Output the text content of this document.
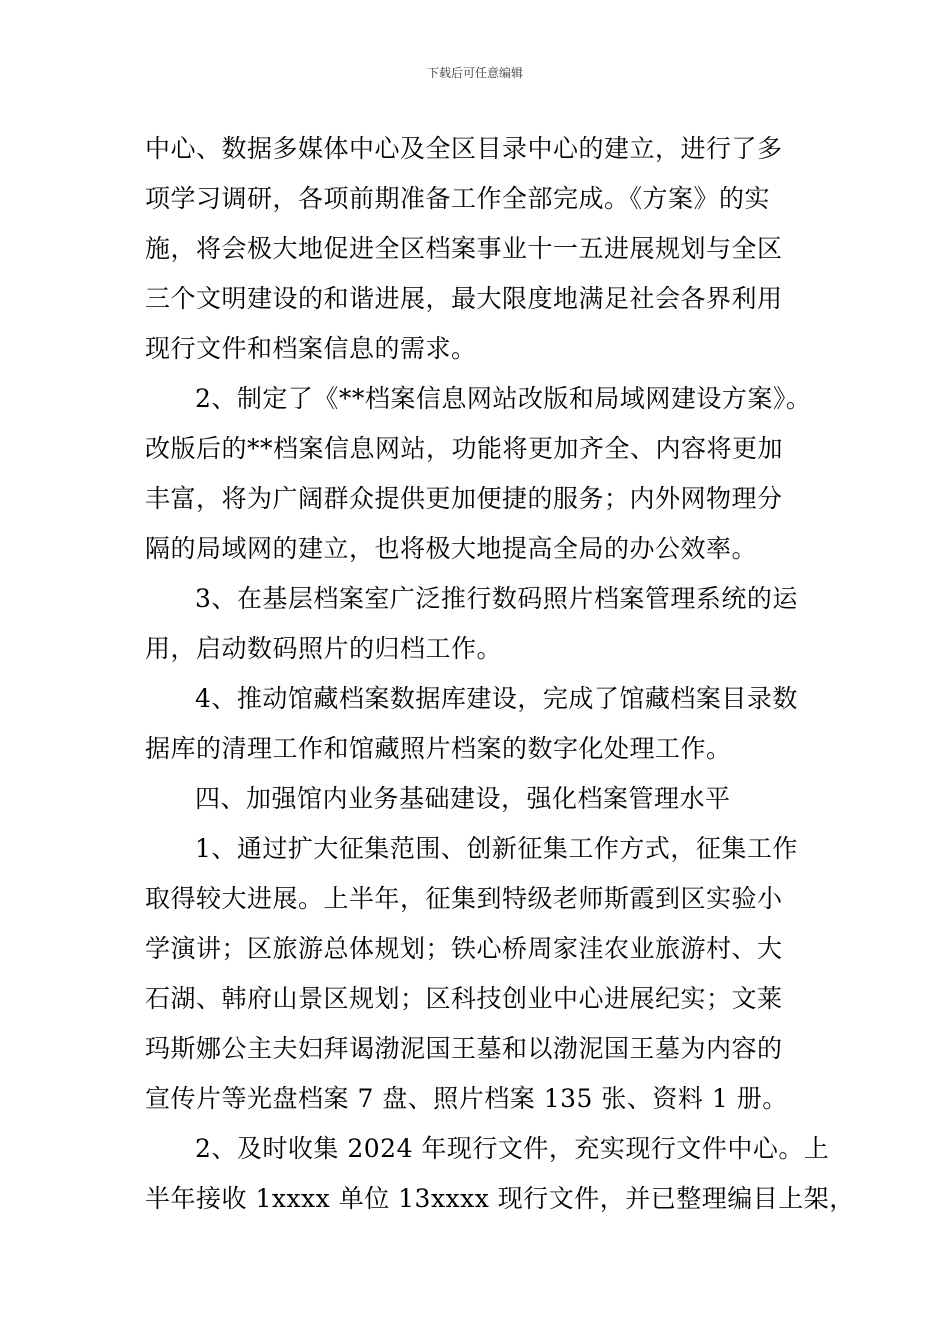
下载后可任意编辑
中心、数据多媒体中心及全区目录中心的建立，进行了多
项学习调研，各项前期准备工作全部完成。《方案》的实
施，将会极大地促进全区档案事业十一五进展规划与全区
三个文明建设的和谐进展，最大限度地满足社会各界利用
现行文件和档案信息的需求。
2、制定了《**档案信息网站改版和局域网建设方案》。
改版后的**档案信息网站，功能将更加齐全、内容将更加
丰富，将为广阔群众提供更加便捷的服务；内外网物理分
隔的局域网的建立，也将极大地提高全局的办公效率。
3、在基层档案室广泛推行数码照片档案管理系统的运
用，启动数码照片的归档工作。
4、推动馆藏档案数据库建设，完成了馆藏档案目录数
据库的清理工作和馆藏照片档案的数字化处理工作。
四、加强馆内业务基础建设，强化档案管理水平
1、通过扩大征集范围、创新征集工作方式，征集工作
取得较大进展。上半年，征集到特级老师斯霞到区实验小
学演讲；区旅游总体规划；铁心桥周家洼农业旅游村、大
石湖、韩府山景区规划；区科技创业中心进展纪实；文莱
玛斯娜公主夫妇拜谒渤泥国王墓和以渤泥国王墓为内容的
宣传片等光盘档案 7 盘、照片档案 135 张、资料 1 册。
2、及时收集 2024 年现行文件，充实现行文件中心。上
半年接收 1xxxx 单位 13xxxx 现行文件，并已整理编目上架，
